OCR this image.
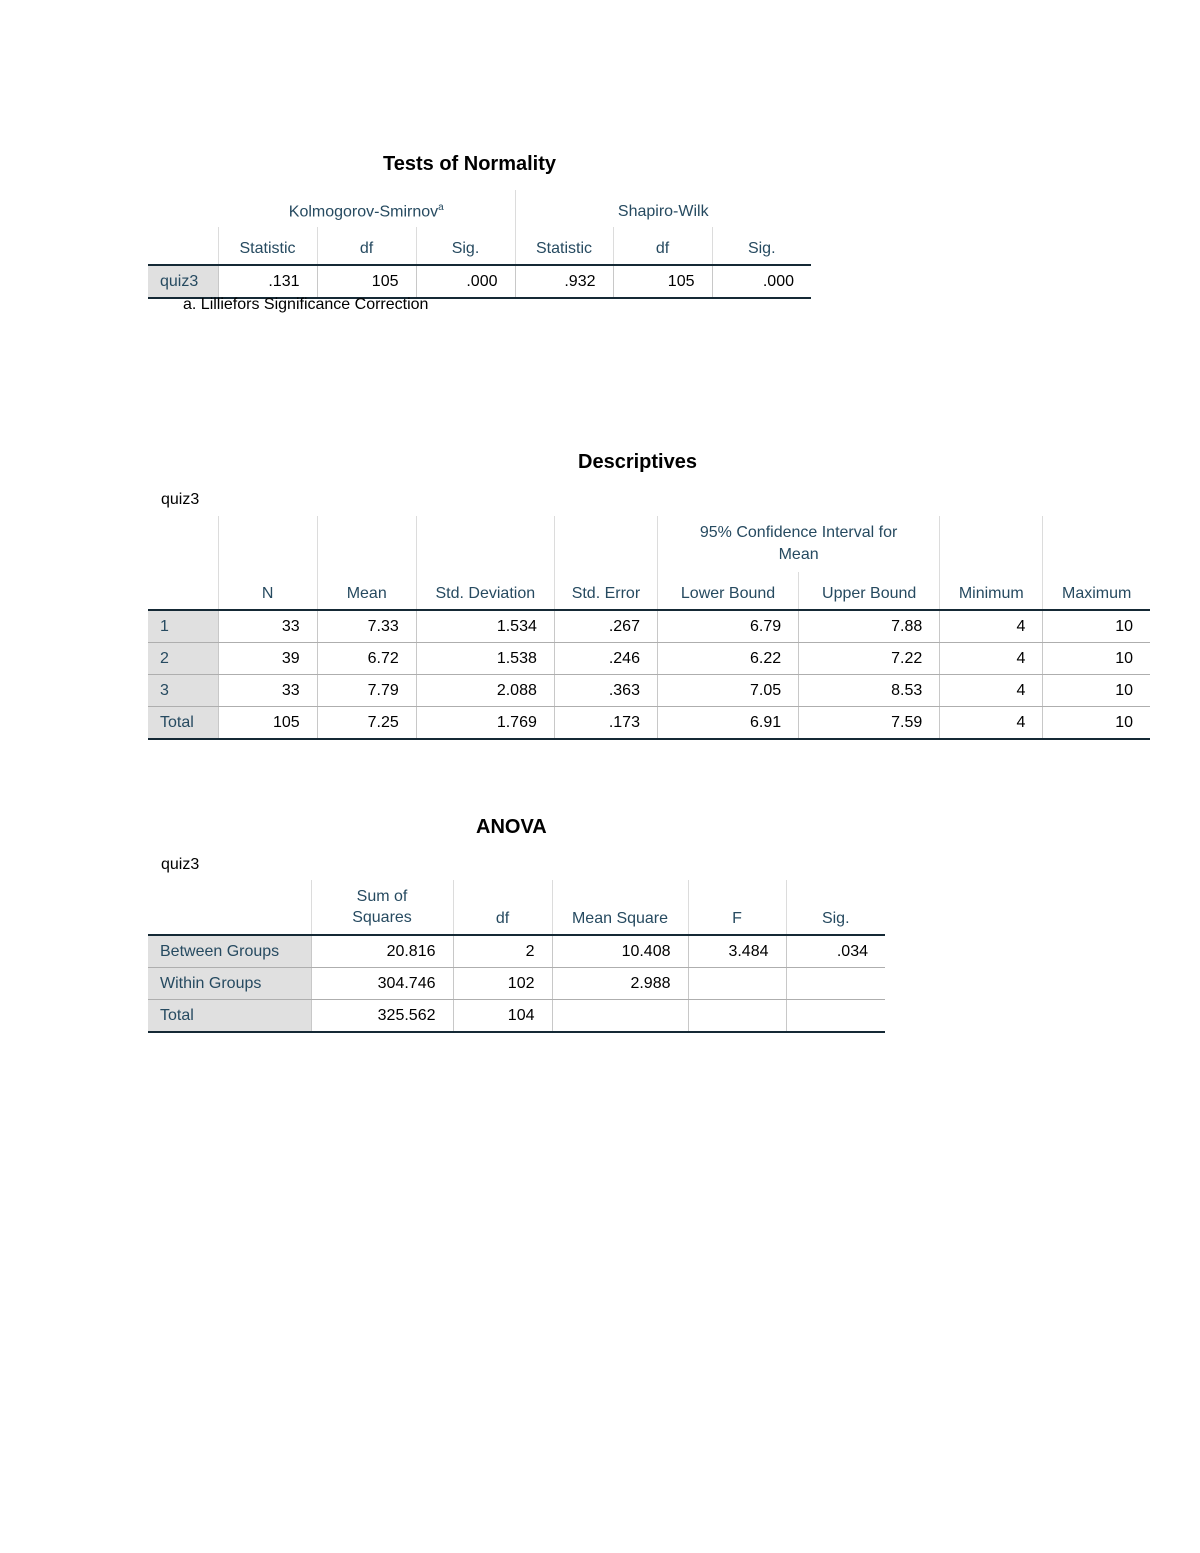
Tests of Normality
	Kolmogorov-Smirnov$^a$			Shapiro-Wilk		
	Statistic	df	Sig.	Statistic	df	Sig.
quiz3	.131	105	.000	.932	105	.000
a. Lilliefors Significance Correction
Descriptives
quiz3
					95% Confidence Interval for Mean			
	N	Mean	Std. Deviation	Std. Error	Lower Bound	Upper Bound	Minimum	Maximum
1	33	7.33	1.534	.267	6.79	7.88	4	10
2	39	6.72	1.538	.246	6.22	7.22	4	10
3	33	7.79	2.088	.363	7.05	8.53	4	10
Total	105	7.25	1.769	.173	6.91	7.59	4	10
ANOVA
quiz3
	Sum of Squares	df	Mean Square	F	Sig.
Between Groups	20.816	2	10.408	3.484	.034
Within Groups	304.746	102	2.988		
Total	325.562	104			
